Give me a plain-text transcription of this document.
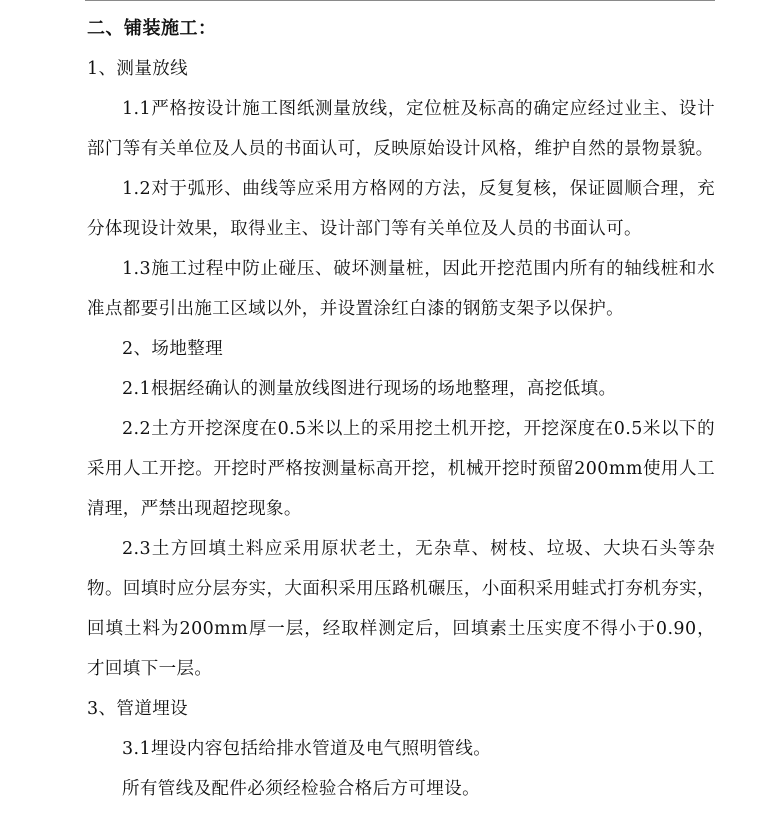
二、铺装施工：

1、测量放线

1.1严格按设计施工图纸测量放线，定位桩及标高的确定应经过业主、设计部门等有关单位及人员的书面认可，反映原始设计风格，维护自然的景物景貌。

1.2对于弧形、曲线等应采用方格网的方法，反复复核，保证圆顺合理，充分体现设计效果，取得业主、设计部门等有关单位及人员的书面认可。

1.3施工过程中防止碰压、破坏测量桩，因此开挖范围内所有的轴线桩和水准点都要引出施工区域以外，并设置涂红白漆的钢筋支架予以保护。

2、场地整理

2.1根据经确认的测量放线图进行现场的场地整理，高挖低填。

2.2土方开挖深度在0.5米以上的采用挖土机开挖，开挖深度在0.5米以下的采用人工开挖。开挖时严格按测量标高开挖，机械开挖时预留200mm使用人工清理，严禁出现超挖现象。

2.3土方回填土料应采用原状老土，无杂草、树枝、垃圾、大块石头等杂物。回填时应分层夯实，大面积采用压路机碾压，小面积采用蛙式打夯机夯实，回填土料为200mm厚一层，经取样测定后，回填素土压实度不得小于0.90，才回填下一层。

3、管道埋设

3.1埋设内容包括给排水管道及电气照明管线。

所有管线及配件必须经检验合格后方可埋设。
